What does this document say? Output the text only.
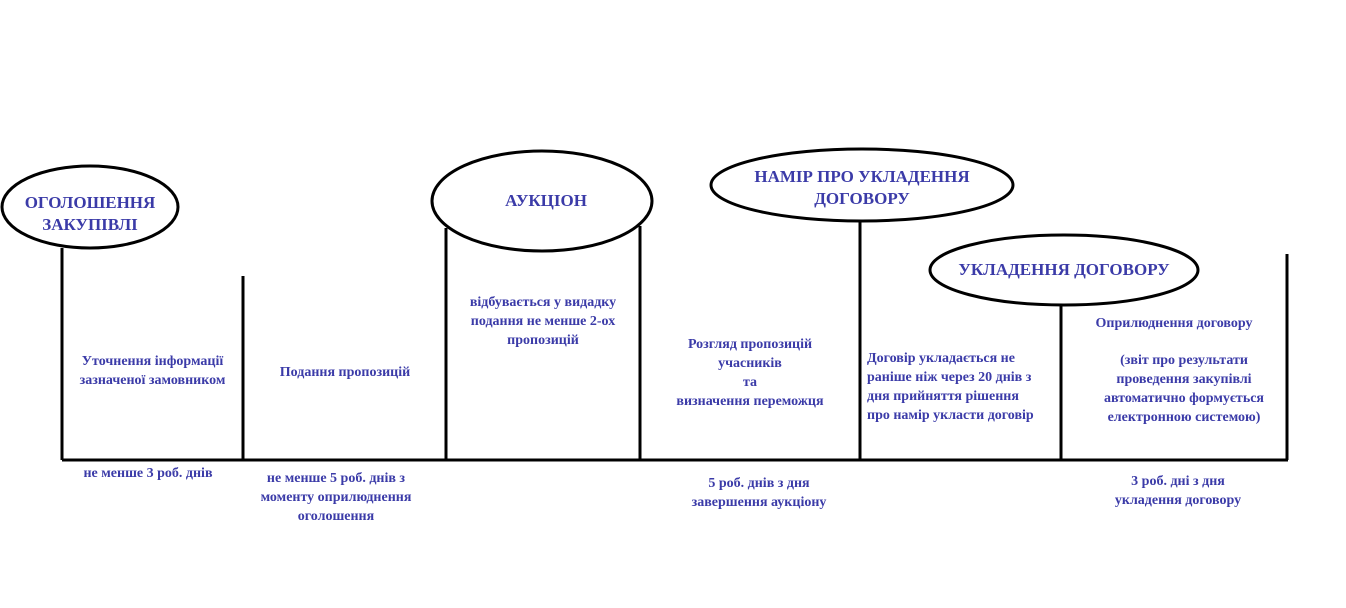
ОГОЛОШЕННЯ
ЗАКУПІВЛІ
АУКЦІОН
НАМІР ПРО УКЛАДЕННЯ
ДОГОВОРУ
УКЛАДЕННЯ ДОГОВОРУ
Уточнення інформації
зазначеної замовником
Подання пропозицій
відбувається у видадку
подання не менше 2-ох
пропозицій	Розгляд пропозицій
учасників
та
визначення переможця
Договір укладається не
раніше ніж через 20 днів з
дня прийняття рішення
про намір укласти договір
Оприлюднення договору
(звіт про результати
проведення закупівлі
автоматично формується
електронною системою)
не менше 3 роб. днів	не менше 5 роб. днів з
моменту оприлюднення
оголошення
5 роб. днів з дня
завершення аукціону
3 роб. дні з дня
укладення договору
